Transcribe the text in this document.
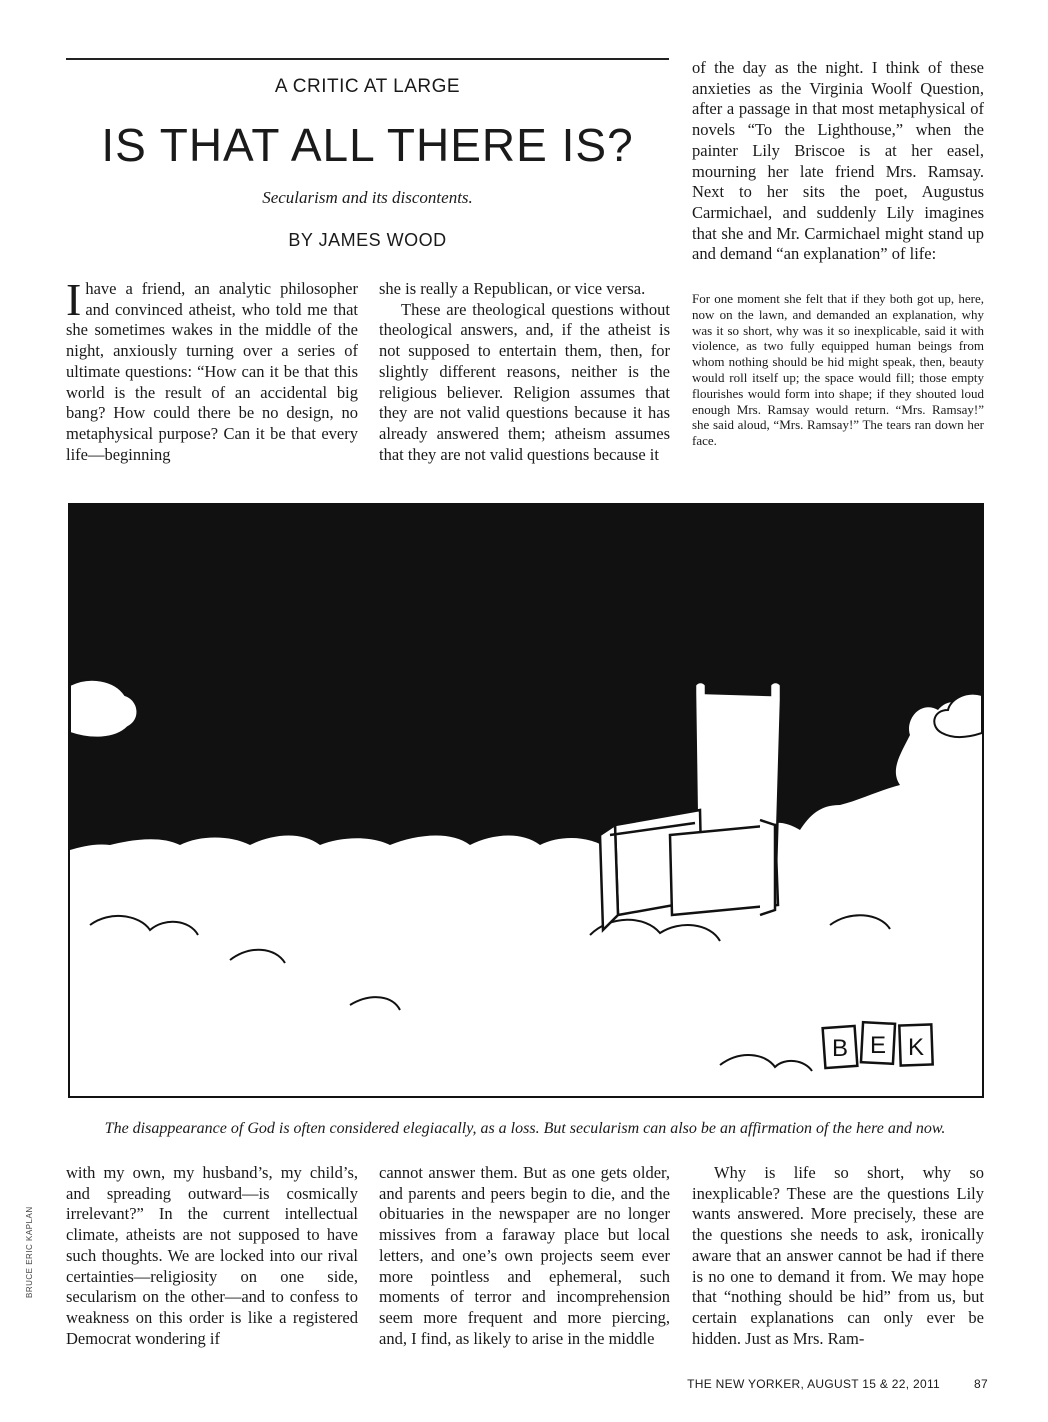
A CRITIC AT LARGE
IS THAT ALL THERE IS?
Secularism and its discontents.
BY JAMES WOOD

I have a friend, an analytic philosopher and convinced atheist, who told me that she sometimes wakes in the middle of the night, anxiously turning over a series of ultimate questions: “How can it be that this world is the result of an accidental big bang? How could there be no design, no metaphysical purpose? Can it be that every life—beginning

she is really a Republican, or vice versa.

These are theological questions without theological answers, and, if the atheist is not supposed to entertain them, then, for slightly different reasons, neither is the religious believer. Religion assumes that they are not valid questions because it has already answered them; atheism assumes that they are not valid questions because it

of the day as the night. I think of these anxieties as the Virginia Woolf Question, after a passage in that most metaphysical of novels “To the Lighthouse,” when the painter Lily Briscoe is at her easel, mourning her late friend Mrs. Ramsay. Next to her sits the poet, Augustus Carmichael, and suddenly Lily imagines that she and Mr. Carmichael might stand up and demand “an explanation” of life:

For one moment she felt that if they both got up, here, now on the lawn, and demanded an explanation, why was it so short, why was it so inexplicable, said it with violence, as two fully equipped human beings from whom nothing should be hid might speak, then, beauty would roll itself up; the space would fill; those empty flourishes would form into shape; if they shouted loud enough Mrs. Ramsay would return. “Mrs. Ramsay!” she said aloud, “Mrs. Ramsay!” The tears ran down her face.

B E K
The disappearance of God is often considered elegiacally, as a loss. But secularism can also be an affirmation of the here and now.

with my own, my husband’s, my child’s, and spreading outward—is cosmically irrelevant?” In the current intellectual climate, atheists are not supposed to have such thoughts. We are locked into our rival certainties—religiosity on one side, secularism on the other—and to confess to weakness on this order is like a registered Democrat wondering if

cannot answer them. But as one gets older, and parents and peers begin to die, and the obituaries in the newspaper are no longer missives from a faraway place but local letters, and one’s own projects seem ever more pointless and ephemeral, such moments of terror and incomprehension seem more frequent and more piercing, and, I find, as likely to arise in the middle

Why is life so short, why so inexplicable? These are the questions Lily wants answered. More precisely, these are the questions she needs to ask, ironically aware that an answer cannot be had if there is no one to demand it from. We may hope that “nothing should be hid” from us, but certain explanations can only ever be hidden. Just as Mrs. Ram-

BRUCE ERIC KAPLAN
THE NEW YORKER, AUGUST 15 & 22, 2011	87
